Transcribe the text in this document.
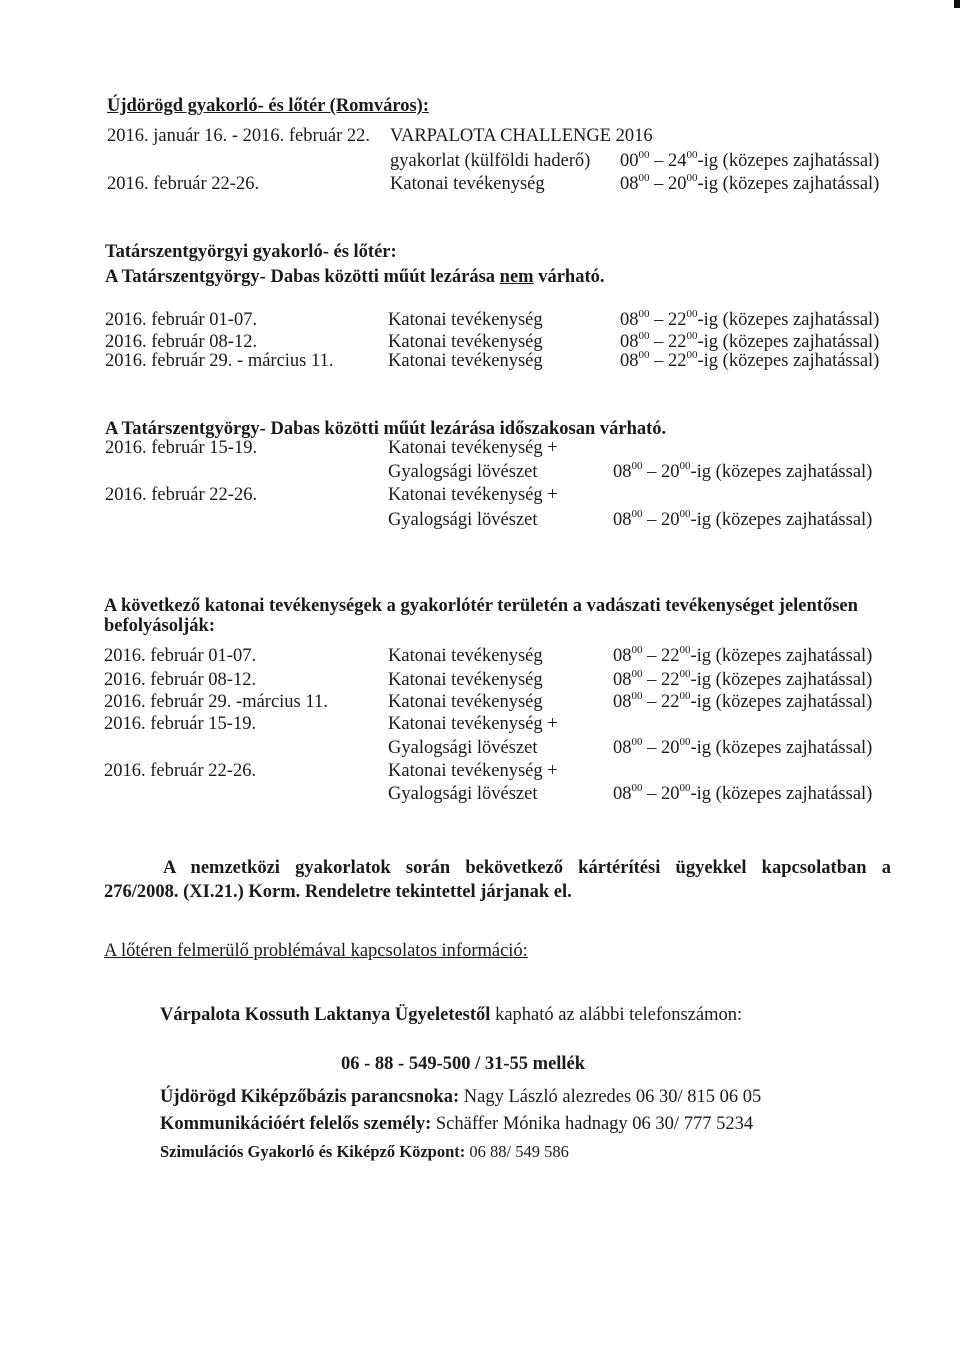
Újdörögd gyakorló- és lőtér (Romváros):
2016. január 16. - 2016. február 22. VARPALOTA CHALLENGE 2016
gyakorlat (külföldi haderő) $00^{00} - 24^{00}-ig$ (közepes zajhatással)
2016. február 22-26.	Katonai tevékenység	$08^{00} - 20^{00}-ig$ (közepes zajhatással)
Tatárszentgyörgyi gyakorló- és lőtér:
A Tatárszentgyörgy- Dabas közötti műút lezárása nem várható.
2016. február 01-07.	Katonai tevékenység	$08^{00} - 22^{00}-ig$ (közepes zajhatással)
2016. február 08-12.	Katonai tevékenység	$08^{00} - 22^{00}-ig$ (közepes zajhatással)
2016. február 29. - március 11.	Katonai tevékenység	$08^{00} - 22^{00}-ig$ (közepes zajhatással)
A Tatárszentgyörgy- Dabas közötti műút lezárása időszakosan várható.
2016. február 15-19.	Katonai tevékenység +
Gyalogsági lövészet	$08^{00} - 20^{00}-ig$ (közepes zajhatással)
2016. február 22-26.	Katonai tevékenység +
Gyalogsági lövészet	$08^{00} - 20^{00}-ig$ (közepes zajhatással)
A következő katonai tevékenységek a gyakorlótér területén a vadászati tevékenységet jelentősen
befolyásolják:
2016. február 01-07.	Katonai tevékenység	$08^{00} - 22^{00}-ig$ (közepes zajhatással)
2016. február 08-12.	Katonai tevékenység	$08^{00} - 22^{00}-ig$ (közepes zajhatással)
2016. február 29. -március 11.	Katonai tevékenység	$08^{00} - 22^{00}-ig$ (közepes zajhatással)
2016. február 15-19.	Katonai tevékenység +
Gyalogsági lövészet	$08^{00} - 20^{00}-ig$ (közepes zajhatással)
2016. február 22-26.	Katonai tevékenység +
Gyalogsági lövészet	$08^{00} - 20^{00}-ig$ (közepes zajhatással)
A nemzetközi gyakorlatok során bekövetkező kártérítési ügyekkel kapcsolatban a
276/2008. (XI.21.) Korm. Rendeletre tekintettel járjanak el.
A lőtéren felmerülő problémával kapcsolatos információ:
Várpalota Kossuth Laktanya Ügyeletestől kapható az alábbi telefonszámon:
06 - 88 - 549-500 / 31-55 mellék
Újdörögd Kiképzőbázis parancsnoka: Nagy László alezredes 06 30/ 815 06 05
Kommunikációért felelős személy: Schäffer Mónika hadnagy 06 30/ 777 5234
Szimulációs Gyakorló és Kiképző Központ: 06 88/ 549 586
